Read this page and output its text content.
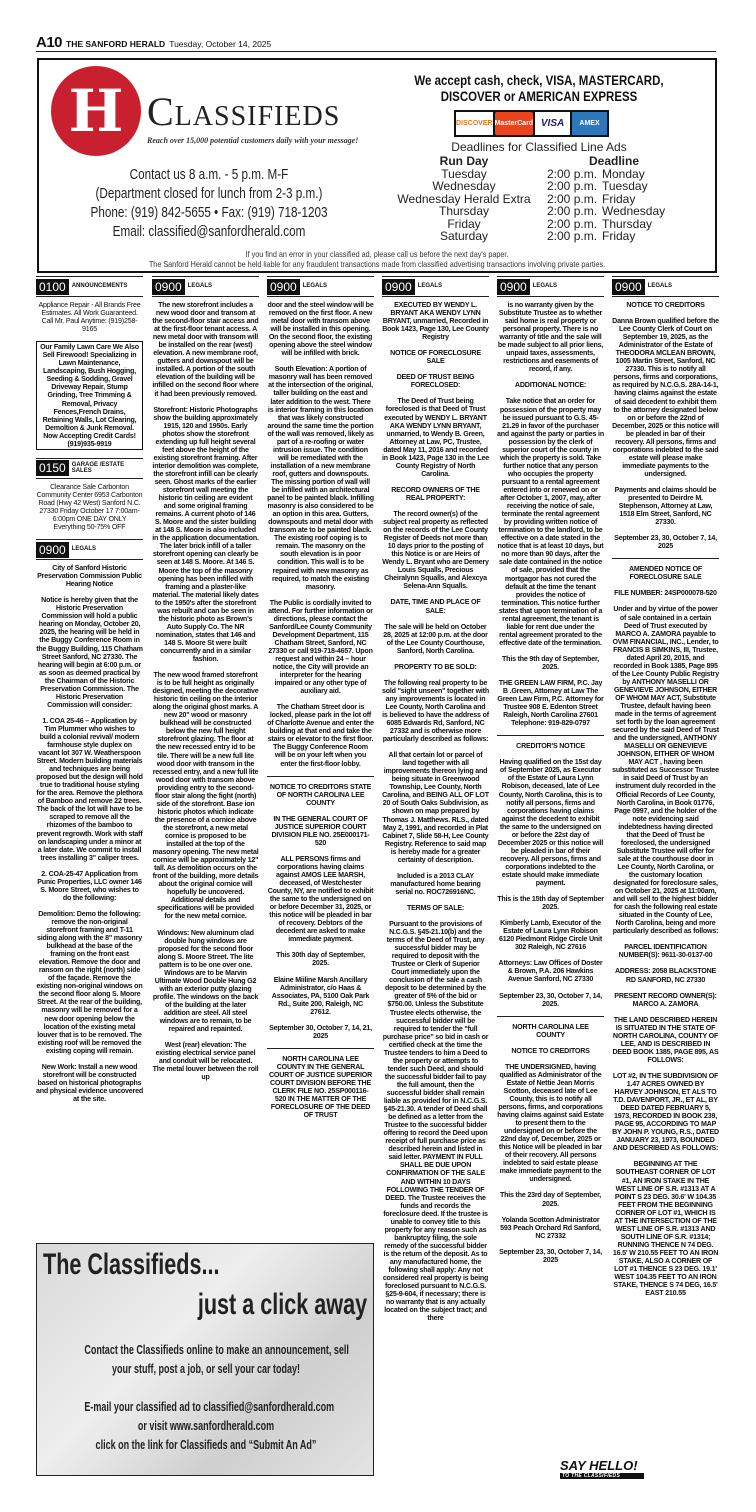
A10 THE SANFORD HERALD Tuesday, October 14, 2025
H Classifieds
Reach over 15,000 potential customers daily with your message!
Contact us 8 a.m. - 5 p.m. M-F
(Department closed for lunch from 2-3 p.m.)
Phone: (919) 842-5655 • Fax: (919) 718-1203
Email: classified@sanfordherald.com
We accept cash, check, VISA, MASTERCARD,
DISCOVER or AMERICAN EXPRESS
DISCOVER MasterCard VISA	AMEX
Deadlines for Classified Line Ads
Run Day	Deadline
Tuesday	2:00 p.m. Monday
Wednesday	2:00 p.m. Tuesday
Wednesday Herald Extra	2:00 p.m. Friday
Thursday	2:00 p.m. Wednesday
Friday	2:00 p.m. Thursday
Saturday	2:00 p.m. Friday
If you find an error in your classified ad, please call us before the next day's paper.
The Sanford Herald cannot be held liable for any fraudulent transactions made from classified advertising transactions involving private parties.
0100	ANNOUNCEMENTS
Appliance Repair - All Brands Free Estimates. All Work Guaranteed. Call Mr. Paul Anytime: (919)258-9165
Our Family Lawn Care We Also Sell Firewood! Specializing in Lawn Maintenance, Landscaping, Bush Hogging, Seeding & Sodding, Gravel Driveway Repair, Stump Grinding, Tree Trimming & Removal, Privacy Fences,French Drains, Retaining Walls, Lot Clearing, Demoltion & Junk Removal. Now Accepting Credit Cards! (919)935-9919
0150	GARAGE /ESTATE SALES
Clearance Sale Carbonton Community Center 6953 Carbonton Road (Hwy 42 West) Sanford N.C. 27330 Friday October 17 7:00am-6:00pm ONE DAY ONLY Everything 50-75% OFF
0900	LEGALS
City of Sanford Historic Preservation Commission Public Hearing Notice
Notice is hereby given that the Historic Preservation Commission will hold a public hearing on Monday, October 20, 2025, the hearing will be held in the Buggy Conference Room in the Buggy Building, 115 Chatham Street Sanford, NC 27330. The hearing will begin at 6:00 p.m. or as soon as deemed practical by the Chairman of the Historic Preservation Commission. The Historic Preservation Commission will consider:
1. COA 25-46 – Application by Tim Plummer who wishes to build a colonial revival/ modern farmhouse style duplex on vacant lot 307 W. Weatherspoon Street. Modern building materials and techniques are being proposed but the design will hold true to traditional house styling for the area. Remove the plethora of Bamboo and remove 22 trees. The back of the lot will have to be scraped to remove all the rhizomes of the bamboo to prevent regrowth. Work with staff on landscaping under a minor at a later date. We commit to install trees installing 3" caliper trees.
2. COA-25-47 Application from Punic Properties, LLC owner 146 S. Moore Street, who wishes to do the following:
Demolition: Demo the following: remove the non-original storefront framing and T-11 siding along with the 8" masonry bulkhead at the base of the framing on the front east elevation. Remove the door and ransom on the right (north) side of the façade. Remove the existing non-original windows on the second floor along S. Moore Street. At the rear of the building, masonry will be removed for a new door opening below the location of the existing metal louver that is to be removed. The existing roof will be removed the existing coping will remain.
New Work: Install a new wood storefront will be constructed based on historical photographs and physical evidence uncovered at the site.
0900	LEGALS
The new storefront includes a new wood door and transom at the second-floor stair access and at the first-floor tenant access. A new metal door with transom will be installed on the rear (west) elevation. A new membrane roof, gutters and downspout will be installed. A portion of the south elevation of the building will be infilled on the second floor where it had been previously removed.
Storefront: Historic Photographs show the building approximately 1915, 120 and 1950s. Early photos show the storefront extending up full height several feet above the height of the existing storefront framing. After interior demolition was complete, the storefront infill can be clearly seen. Ghost marks of the earlier storefront wall meeting the historic tin ceiling are evident and some original framing remains. A current photo of 146 S. Moore and the sister building at 148 S. Moore is also included in the application documentation. The later brick infill of a taller storefront opening can clearly be seen at 148 S. Moore. At 146 S. Moore the top of the masonry opening has been infilled with framing and a plaster-like material. The material likely dates to the 1950's after the storefront was rebuilt and can be seen in the historic photo as Brown's Auto Supply Co. The NR nomination, states that 146 and 148 S. Moore St were built concurrently and in a similar fashion.
The new wood framed storefront is to be full height as originally designed, meeting the decorative historic tin ceiling on the interior along the original ghost marks. A new 20" wood or masonry bulkhead will be constructed below the new full height storefront glazing. The floor at the new recessed entry id to be tile. There will be a new full lite wood door with transom in the recessed entry, and a new full lite wood door with transom above providing entry to the second-floor stair along the fight (north) side of the storefront. Base ion historic photos which indicate the presence of a cornice above the storefront, a new metal cornice is proposed to be installed at the top of the masonry opening. The new metal cornice will be approximately 12" tall. As demolition occurs on the front of the building, more details about the original cornice will hopefully be uncovered. Additional details and specifications will be provided for the new metal cornice.
Windows: New aluminum clad double hung windows are proposed for the second floor along S. Moore Street. The lite pattern is to be one over one. Windows are to be Marvin Ultimate Wood Double Hung G2 with an exterior putty glazing profile. The windows on the back of the building at the later addition are steel. All steel windows are to remain, to be repaired and repainted.
West (rear) elevation: The existing electrical service panel and conduit will be relocated. The metal louver between the roll up
0900	LEGALS
door and the steel window will be removed on the first floor. A new metal door with transom above will be installed in this opening. On the second floor, the existing opening above the steel window will be infilled with brick.
South Elevation: A portion of masonry wall has been removed at the intersection of the original, taller building on the east and later addition to the west. There is interior framing in this location that was likely constructed around the same time the portion of the wall was removed, likely as part of a re-roofing or water intrusion issue. The condition will be remediated with the installation of a new membrane roof, gutters and downspouts. The missing portion of wall will be infilled with an architectural panel to be painted black. Infilling masonry is also considered to be an option in this area. Gutters, downspouts and metal door with transom ate to be painted black. The existing roof coping is to remain. The masonry on the south elevation is in poor condition. This wall is to be repaired with new masonry as required, to match the existing masonry.
The Public is cordially invited to attend. For further information or directions, please contact the Sanford/Lee County Community Development Department, 115 Chatham Street, Sanford, NC 27330 or call 919-718-4657. Upon request and within 24 – hour notice, the City will provide an interpreter for the hearing impaired or any other type of auxiliary aid.
The Chatham Street door is locked, please park in the lot off of Charlotte Avenue and enter the building at that end and take the stairs or elevator to the first floor. The Buggy Conference Room will be on your left when you enter the first-floor lobby.
NOTICE TO CREDITORS STATE OF NORTH CAROLINA LEE COUNTY
IN THE GENERAL COURT OF JUSTICE SUPERIOR COURT DIVISION FILE NO. 25E000171-520
ALL PERSONS firms and corporations having claims against AMOS LEE MARSH, deceased, of Westchester County, NY, are notified to exhibit the same to the undersigned on or before December 31, 2025, or this notice will be pleaded in bar of recovery. Debtors of the decedent are asked to make immediate payment.
This 30th day of September, 2025.
Elaine Miiline Marsh Ancillary Administrator, c/o Haas & Associates, PA, 5100 Oak Park Rd., Suite 200, Raleigh, NC 27612.
September 30, October 7, 14, 21, 2025
NORTH CAROLINA LEE COUNTY IN THE GENERAL COURT OF JUSTICE SUPERIOR COURT DIVISION BEFORE THE CLERK FILE NO. 25SP000116-520 IN THE MATTER OF THE FORECLOSURE OF THE DEED OF TRUST
0900	LEGALS
EXECUTED BY WENDY L. BRYANT AKA WENDY LYNN BRYANT, unmarried, Recorded in Book 1423, Page 130, Lee County Registry
NOTICE OF FORECLOSURE SALE
DEED OF TRUST BEING FORECLOSED:
The Deed of Trust being foreclosed is that Deed of Trust executed by WENDY L. BRYANT AKA WENDY LYNN BRYANT, unmarried, to Wendy B. Green, Attorney at Law, PC, Trustee, dated May 11, 2016 and recorded in Book 1423, Page 130 in the Lee County Registry of North Carolina.
RECORD OWNERS OF THE REAL PROPERTY:
The record owner(s) of the subject real property as reflected on the records of the Lee County Register of Deeds not more than 10 days prior to the posting of this Notice is or are Heirs of Wendy L. Bryant who are Demery Louis Squalls, Precious Cheiralynn Squalls, and Alexcya Selena-Ann Squalls.
DATE, TIME AND PLACE OF SALE:
The sale will be held on October 28, 2025 at 12:00 p.m. at the door of the Lee County Courthouse, Sanford, North Carolina.
PROPERTY TO BE SOLD:
The following real property to be sold "sight unseen" together with any improvements is located in Lee County, North Carolina and is believed to have the address of 6085 Edwards Rd, Sanford, NC 27332 and is otherwise more particularly described as follows:
All that certain lot or parcel of land together with all improvements thereon lying and being situate in Greenwood Township, Lee County, North Carolina, and BEING ALL OF LOT 20 of South Oaks Subdivision, as shown on map prepared by Thomas J. Matthews. RLS., dated May 2, 1991, and recorded in Plat Cabinet 7, Slide 58-H, Lee County Registry. Reference to said map is hereby made for a greater certainty of description.
Included is a 2013 CLAY manufactured home bearing serial no. ROC726916NC.
TERMS OF SALE:
Pursuant to the provisions of N.C.G.S. §45-21.10(b) and the terms of the Deed of Trust, any successful bidder may be required to deposit with the Trustee or Clerk of Superior Court immediately upon the conclusion of the sale a cash deposit to be determined by the greater of 5% of the bid or $750.00. Unless the Substitute Trustee elects otherwise, the successful bidder will be required to tender the "full purchase price" so bid in cash or certified check at the time the Trustee tenders to him a Deed to the property or attempts to tender such Deed, and should the successful bidder fail to pay the full amount, then the successful bidder shall remain liable as provided for in N.C.G.S. §45-21.30. A tender of Deed shall be defined as a letter from the Trustee to the successful bidder offering to record the Deed upon receipt of full purchase price as described herein and listed in said letter. PAYMENT IN FULL SHALL BE DUE UPON CONFIRMATION OF THE SALE AND WITHIN 10 DAYS FOLLOWING THE TENDER OF DEED. The Trustee receives the funds and records the foreclosure deed. If the trustee is unable to convey title to this property for any reason such as bankruptcy filing, the sole remedy of the successful bidder is the return of the deposit. As to any manufactured home, the following shall apply: Any not considered real property is being foreclosed pursuant to N.C.G.S. §25-9-604, if necessary; there is no warranty that is any actually located on the subject tract; and there
0900	LEGALS
is no warranty given by the Substitute Trustee as to whether said home is real property or personal property. There is no warranty of title and the sale will be made subject to all prior liens, unpaid taxes, assessments, restrictions and easements of record, if any.
ADDITIONAL NOTICE:
Take notice that an order for possession of the property may be issued pursuant to G.S. 45-21.29 in favor of the purchaser and against the party or parties in possession by the clerk of superior court of the county in which the property is sold. Take further notice that any person who occupies the property pursuant to a rental agreement entered into or renewed on or after October 1, 2007, may, after receiving the notice of sale, terminate the rental agreement by providing written notice of termination to the landlord, to be effective on a date stated in the notice that is at least 10 days, but no more than 90 days, after the sale date contained in the notice of sale, provided that the mortgagor has not cured the default at the time the tenant provides the notice of termination. This notice further states that upon termination of a rental agreement, the tenant is liable for rent due under the rental agreement prorated to the effective date of the termination.
This the 9th day of September, 2025.
THE GREEN LAW FIRM, P.C. Jay B .Green, Attorney at Law The Green Law Firm, P.C. Attorney for Trustee 908 E. Edenton Street Raleigh, North Carolina 27601 Telephone: 919-829-0797
CREDITOR'S NOTICE
Having qualified on the 15st day of September 2025, as Executor of the Estate of Laura Lynn Robison, deceased, late of Lee County, North Carolina, this is to notify all persons, firms and corporations having claims against the decedent to exhibit the same to the undersigned on or before the 22st day of December 2025 or this notice will be pleaded in bar of their recovery. All persons, firms and corporations indebted to the estate should make immediate payment.
This is the 15th day of September 2025.
Kimberly Lamb, Executor of the Estate of Laura Lynn Robison 6120 Piedmont Ridge Circle Unit 302 Raleigh, NC 27616
Attorneys: Law Offices of Doster & Brown, P.A. 206 Hawkins Avenue Sanford, NC 27330
September 23, 30, October 7, 14, 2025.
NORTH CAROLINA LEE COUNTY
NOTICE TO CREDITORS
THE UNDERSIGNED, having qualified as Administrator of the Estate of Nettie Jean Morris Scotton, deceased late of Lee County, this is to notify all persons, firms, and corporations having claims against said Estate to present them to the undersigned on or before the 22nd day of, December, 2025 or this Notice will be pleaded in bar of their recovery. All persons indebted to said estate please make immediate payment to the undersigned.
This the 23rd day of September, 2025.
Yolanda Scotton Administrator 593 Peach Orchard Rd Sanford, NC 27332
September 23, 30, October 7, 14, 2025
0900	LEGALS
NOTICE TO CREDITORS
Danna Brown qualified before the Lee County Clerk of Court on September 19, 2025, as the Administrator of the Estate of THEODORA MCLEAN BROWN, 1005 Martin Street, Sanford, NC 27330. This is to notify all persons, firms and corporations, as required by N.C.G.S. 28A-14-1, having claims against the estate of said decedent to exhibit them to the attorney designated below on or before the 22nd of December, 2025 or this notice will be pleaded in bar of their recovery. All persons, firms and corporations indebted to the said estate will please make immediate payments to the undersigned.
Payments and claims should be presented to Deirdre M. Stephenson, Attorney at Law, 1518 Elm Street, Sanford, NC 27330.
September 23, 30, October 7, 14, 2025
AMENDED NOTICE OF FORECLOSURE SALE
FILE NUMBER: 24SP000078-520
Under and by virtue of the power of sale contained in a certain Deed of Trust executed by MARCO A. ZAMORA payable to OVM FINANCIAL, INC., Lender, to FRANCIS B SIMKINS, III, Trustee, dated April 20, 2015, and recorded in Book 1385, Page 895 of the Lee County Public Registry by ANTHONY MASELLI OR GENEVIEVE JOHNSON, EITHER OF WHOM MAY ACT, Substitute Trustee, default having been made in the terms of agreement set forth by the loan agreement secured by the said Deed of Trust and the undersigned, ANTHONY MASELLI OR GENEVIEVE JOHNSON, EITHER OF WHOM MAY ACT , having been substituted as Successor Trustee in said Deed of Trust by an instrument duly recorded in the Official Records of Lee County, North Carolina, in Book 01776, Page 0997, and the holder of the note evidencing said indebtedness having directed that the Deed of Trust be foreclosed, the undersigned Substitute Trustee will offer for sale at the courthouse door in Lee County, North Carolina, or the customary location designated for foreclosure sales, on October 21, 2025 at 11:00am, and will sell to the highest bidder for cash the following real estate situated in the County of Lee, North Carolina, being and more particularly described as follows:
PARCEL IDENTIFICATION NUMBER(S): 9611-30-0137-00
ADDRESS: 2058 BLACKSTONE RD SANFORD, NC 27330
PRESENT RECORD OWNER(S): MARCO A. ZAMORA
THE LAND DESCRIBED HEREIN IS SITUATED IN THE STATE OF NORTH CAROLINA, COUNTY OF LEE, AND IS DESCRIBED IN DEED BOOK 1385, PAGE 895, AS FOLLOWS:
LOT #2, IN THE SUBDIVISION OF 1.47 ACRES OWNED BY HARVEY JOHNSON, ET ALS TO T.D. DAVENPORT, JR., ET AL, BY DEED DATED FEBRUARY 5, 1973, RECORDED IN BOOK 239, PAGE 95, ACCORDING TO MAP BY JOHN P. YOUNG, R.S., DATED JANUARY 23, 1973, BOUNDED AND DESCRIBED AS FOLLOWS:
BEGINNING AT THE SOUTHEAST CORNER OF LOT #1, AN IRON STAKE IN THE WEST LINE OF S.R. #1313 AT A POINT S 23 DEG. 30.6' W 104.35 FEET FROM THE BEGINNING CORNER OF LOT #1, WHICH IS AT THE INTERSECTION OF THE WEST LINE OF S.R. #1313 AND SOUTH LINE OF S.R. #1314; RUNNING THENCE N 74 DEG. 16.5' W 210.55 FEET TO AN IRON STAKE, ALSO A CORNER OF LOT #1 THENCE S 23 DEG. 19.1' WEST 104.35 FEET TO AN IRON STAKE, THENCE S 74 DEG, 16.5' EAST 210.55
The Classifieds...
just a click away
Contact the Classifieds online to make an announcement, sell
your stuff, post a job, or sell your car today!

E-mail your classified ad to classified@sanfordherald.com
or visit www.sanfordherald.com
click on the link for Classifieds and “Submit An Ad”
SAY HELLO!
TO THE CLASSIFIEDS
